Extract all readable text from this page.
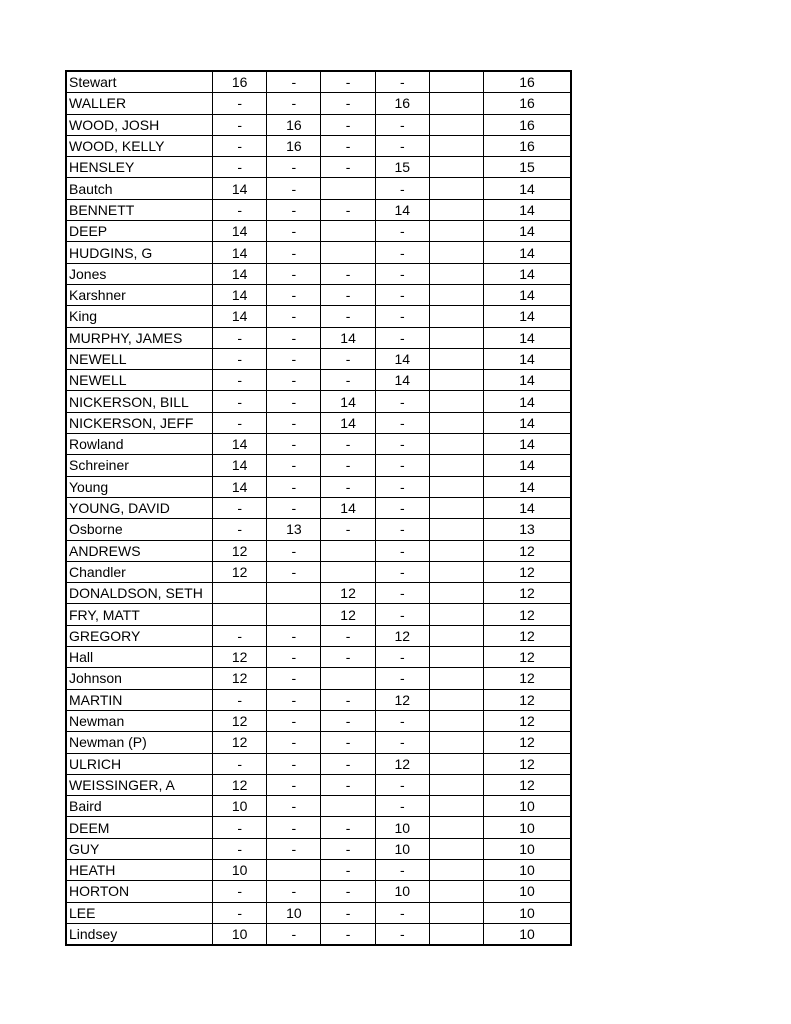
Stewart	16	-	-	-		16
WALLER	-	-	-	16		16
WOOD, JOSH	-	16	-	-		16
WOOD, KELLY	-	16	-	-		16
HENSLEY	-	-	-	15		15
Bautch	14	-		-		14
BENNETT	-	-	-	14		14
DEEP	14	-		-		14
HUDGINS, G	14	-		-		14
Jones	14	-	-	-		14
Karshner	14	-	-	-		14
King	14	-	-	-		14
MURPHY, JAMES	-	-	14	-		14
NEWELL	-	-	-	14		14
NEWELL	-	-	-	14		14
NICKERSON, BILL	-	-	14	-		14
NICKERSON, JEFF	-	-	14	-		14
Rowland	14	-	-	-		14
Schreiner	14	-	-	-		14
Young	14	-	-	-		14
YOUNG, DAVID	-	-	14	-		14
Osborne	-	13	-	-		13
ANDREWS	12	-		-		12
Chandler	12	-		-		12
DONALDSON, SETH			12	-		12
FRY, MATT			12	-		12
GREGORY	-	-	-	12		12
Hall	12	-	-	-		12
Johnson	12	-		-		12
MARTIN	-	-	-	12		12
Newman	12	-	-	-		12
Newman (P)	12	-	-	-		12
ULRICH	-	-	-	12		12
WEISSINGER, A	12	-	-	-		12
Baird	10	-		-		10
DEEM	-	-	-	10		10
GUY	-	-	-	10		10
HEATH	10		-	-		10
HORTON	-	-	-	10		10
LEE	-	10	-	-		10
Lindsey	10	-	-	-		10
